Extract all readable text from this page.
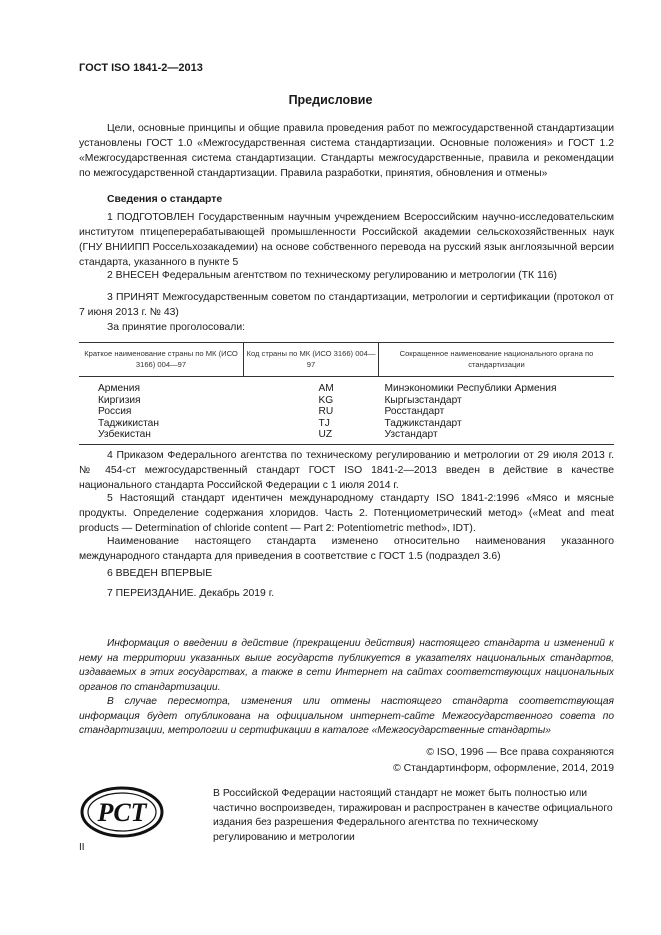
ГОСТ ISO 1841-2—2013
Предисловие
Цели, основные принципы и общие правила проведения работ по межгосударственной стандартизации установлены ГОСТ 1.0 «Межгосударственная система стандартизации. Основные положения» и ГОСТ 1.2 «Межгосударственная система стандартизации. Стандарты межгосударственные, правила и рекомендации по межгосударственной стандартизации. Правила разработки, принятия, обновления и отмены»
Сведения о стандарте
1 ПОДГОТОВЛЕН Государственным научным учреждением Всероссийским научно-исследовательским институтом птицеперерабатывающей промышленности Российской академии сельскохозяйственных наук (ГНУ ВНИИПП Россельхозакадемии) на основе собственного перевода на русский язык англоязычной версии стандарта, указанного в пункте 5
2 ВНЕСЕН Федеральным агентством по техническому регулированию и метрологии (ТК 116)
3 ПРИНЯТ Межгосударственным советом по стандартизации, метрологии и сертификации (протокол от 7 июня 2013 г. № 43)
За принятие проголосовали:
Краткое наименование страны по МК (ИСО 3166) 004—97	Код страны по МК (ИСО 3166) 004—97	Сокращенное наименование национального органа по стандартизации
Армения	AM	Минэкономики Республики Армения
Киргизия	KG	Кыргызстандарт
Россия	RU	Росстандарт
Таджикистан	TJ	Таджикстандарт
Узбекистан	UZ	Узстандарт
4 Приказом Федерального агентства по техническому регулированию и метрологии от 29 июля 2013 г. № 454-ст межгосударственный стандарт ГОСТ ISO 1841-2—2013 введен в действие в качестве национального стандарта Российской Федерации с 1 июля 2014 г.
5 Настоящий стандарт идентичен международному стандарту ISO 1841-2:1996 «Мясо и мясные продукты. Определение содержания хлоридов. Часть 2. Потенциометрический метод» («Meat and meat products — Determination of chloride content — Part 2: Potentiometric method», IDT).
Наименование настоящего стандарта изменено относительно наименования указанного международного стандарта для приведения в соответствие с ГОСТ 1.5 (подраздел 3.6)
6 ВВЕДЕН ВПЕРВЫЕ
7 ПЕРЕИЗДАНИЕ. Декабрь 2019 г.
Информация о введении в действие (прекращении действия) настоящего стандарта и изменений к нему на территории указанных выше государств публикуется в указателях национальных стандартов, издаваемых в этих государствах, а также в сети Интернет на сайтах соответствующих национальных органов по стандартизации.
В случае пересмотра, изменения или отмены настоящего стандарта соответствующая информация будет опубликована на официальном интернет-сайте Межгосударственного совета по стандартизации, метрологии и сертификации в каталоге «Межгосударственные стандарты»
© ISO, 1996 — Все права сохраняются
© Стандартинформ, оформление, 2014, 2019
РСТ
В Российской Федерации настоящий стандарт не может быть полностью или частично воспроизведен, тиражирован и распространен в качестве официального издания без разрешения Федерального агентства по техническому регулированию и метрологии
II
